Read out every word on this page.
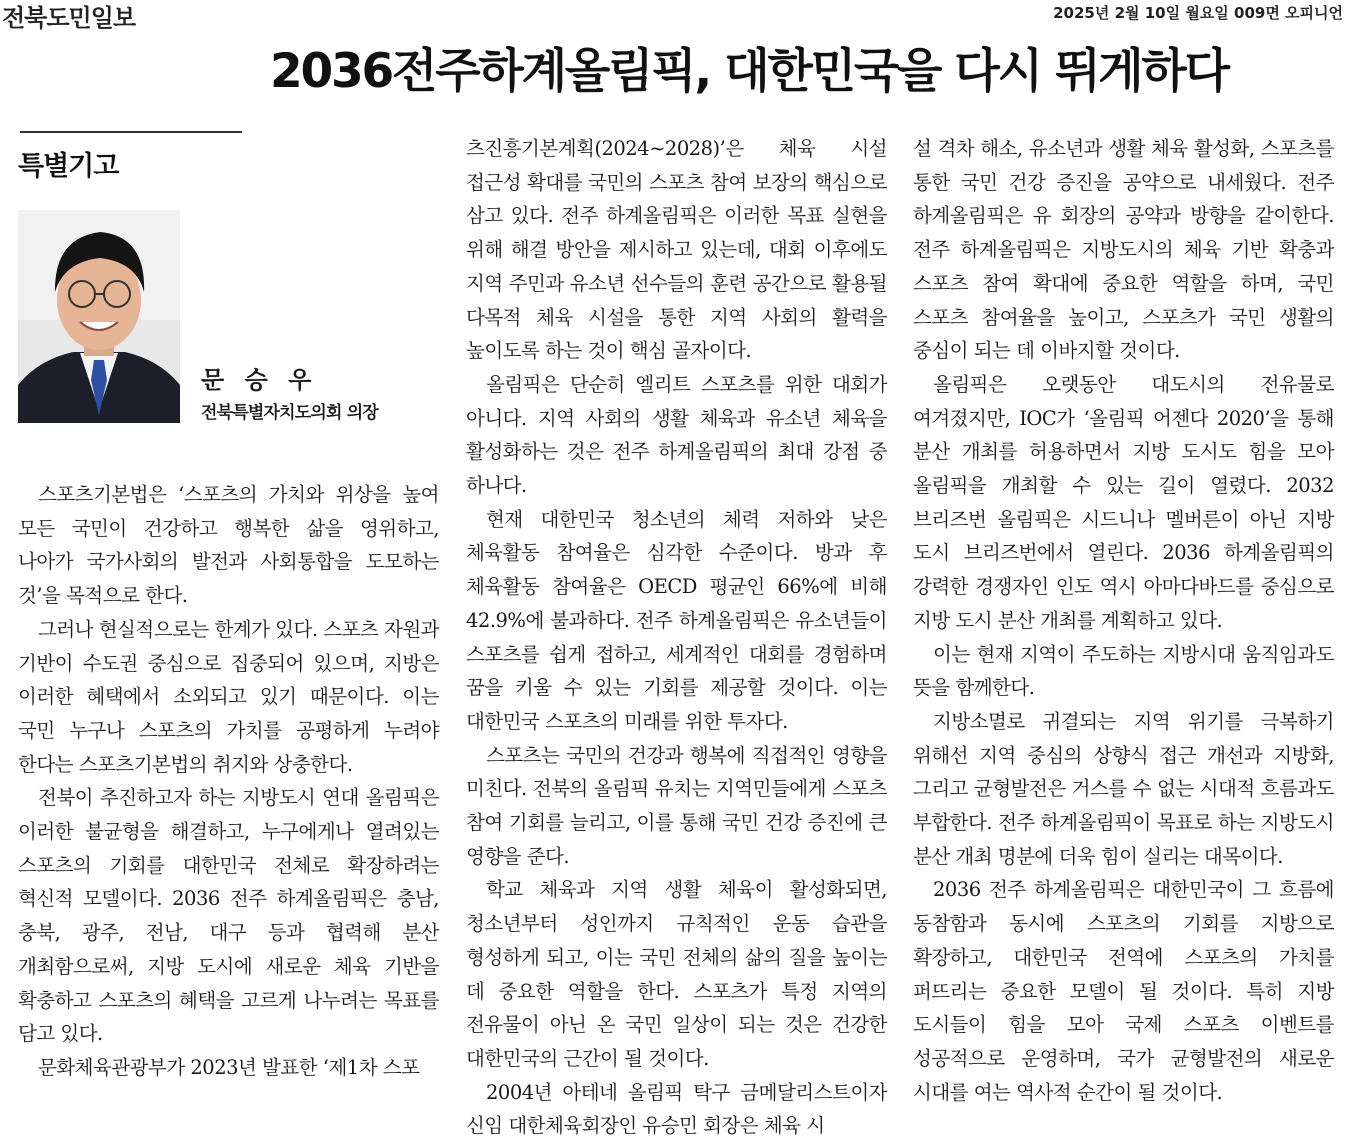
전북도민일보	2025년 2월 10일 월요일 009면 오피니언
2036전주하계올림픽, 대한민국을 다시 뛰게하다
특별기고
문 승 우
전북특별자치도의회 의장

스포츠기본법은 ‘스포츠의 가치와 위상을 높여 모든 국민이 건강하고 행복한 삶을 영위하고, 나아가 국가사회의 발전과 사회통합을 도모하는 것’을 목적으로 한다.

그러나 현실적으로는 한계가 있다. 스포츠 자원과 기반이 수도권 중심으로 집중되어 있으며, 지방은 이러한 혜택에서 소외되고 있기 때문이다. 이는 국민 누구나 스포츠의 가치를 공평하게 누려야 한다는 스포츠기본법의 취지와 상충한다.

전북이 추진하고자 하는 지방도시 연대 올림픽은 이러한 불균형을 해결하고, 누구에게나 열려있는 스포츠의 기회를 대한민국 전체로 확장하려는 혁신적 모델이다. 2036 전주 하계올림픽은 충남, 충북, 광주, 전남, 대구 등과 협력해 분산 개최함으로써, 지방 도시에 새로운 체육 기반을 확충하고 스포츠의 혜택을 고르게 나누려는 목표를 담고 있다.

문화체육관광부가 2023년 발표한 ‘제1차 스포

츠진흥기본계획(2024∼2028)’은 체육 시설 접근성 확대를 국민의 스포츠 참여 보장의 핵심으로 삼고 있다. 전주 하계올림픽은 이러한 목표 실현을 위해 해결 방안을 제시하고 있는데, 대회 이후에도 지역 주민과 유소년 선수들의 훈련 공간으로 활용될 다목적 체육 시설을 통한 지역 사회의 활력을 높이도록 하는 것이 핵심 골자이다.

올림픽은 단순히 엘리트 스포츠를 위한 대회가 아니다. 지역 사회의 생활 체육과 유소년 체육을 활성화하는 것은 전주 하계올림픽의 최대 강점 중 하나다.

현재 대한민국 청소년의 체력 저하와 낮은 체육활동 참여율은 심각한 수준이다. 방과 후 체육활동 참여율은 OECD 평균인 66%에 비해 42.9%에 불과하다. 전주 하계올림픽은 유소년들이 스포츠를 쉽게 접하고, 세계적인 대회를 경험하며 꿈을 키울 수 있는 기회를 제공할 것이다. 이는 대한민국 스포츠의 미래를 위한 투자다.

스포츠는 국민의 건강과 행복에 직접적인 영향을 미친다. 전북의 올림픽 유치는 지역민들에게 스포츠 참여 기회를 늘리고, 이를 통해 국민 건강 증진에 큰 영향을 준다.

학교 체육과 지역 생활 체육이 활성화되면, 청소년부터 성인까지 규칙적인 운동 습관을 형성하게 되고, 이는 국민 전체의 삶의 질을 높이는 데 중요한 역할을 한다. 스포츠가 특정 지역의 전유물이 아닌 온 국민 일상이 되는 것은 건강한 대한민국의 근간이 될 것이다.

2004년 아테네 올림픽 탁구 금메달리스트이자 신임 대한체육회장인 유승민 회장은 체육 시

설 격차 해소, 유소년과 생활 체육 활성화, 스포츠를 통한 국민 건강 증진을 공약으로 내세웠다. 전주 하계올림픽은 유 회장의 공약과 방향을 같이한다. 전주 하계올림픽은 지방도시의 체육 기반 확충과 스포츠 참여 확대에 중요한 역할을 하며, 국민 스포츠 참여율을 높이고, 스포츠가 국민 생활의 중심이 되는 데 이바지할 것이다.

올림픽은 오랫동안 대도시의 전유물로 여겨졌지만, IOC가 ‘올림픽 어젠다 2020’을 통해 분산 개최를 허용하면서 지방 도시도 힘을 모아 올림픽을 개최할 수 있는 길이 열렸다. 2032 브리즈번 올림픽은 시드니나 멜버른이 아닌 지방 도시 브리즈번에서 열린다. 2036 하계올림픽의 강력한 경쟁자인 인도 역시 아마다바드를 중심으로 지방 도시 분산 개최를 계획하고 있다.

이는 현재 지역이 주도하는 지방시대 움직임과도 뜻을 함께한다.

지방소멸로 귀결되는 지역 위기를 극복하기 위해선 지역 중심의 상향식 접근 개선과 지방화, 그리고 균형발전은 거스를 수 없는 시대적 흐름과도 부합한다. 전주 하계올림픽이 목표로 하는 지방도시 분산 개최 명분에 더욱 힘이 실리는 대목이다.

2036 전주 하계올림픽은 대한민국이 그 흐름에 동참함과 동시에 스포츠의 기회를 지방으로 확장하고, 대한민국 전역에 스포츠의 가치를 퍼뜨리는 중요한 모델이 될 것이다. 특히 지방 도시들이 힘을 모아 국제 스포츠 이벤트를 성공적으로 운영하며, 국가 균형발전의 새로운 시대를 여는 역사적 순간이 될 것이다.
